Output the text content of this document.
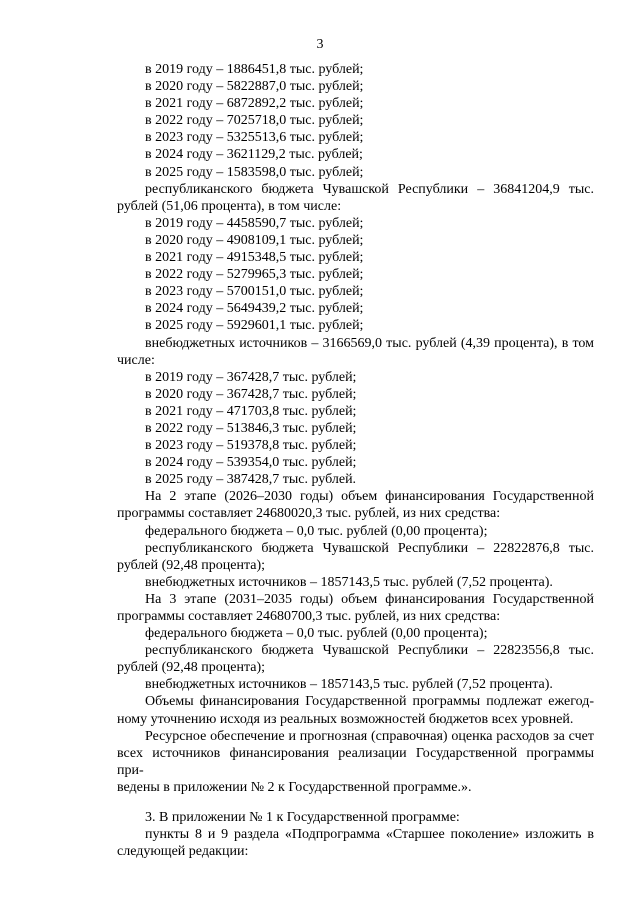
3
в 2019 году – 1886451,8 тыс. рублей;
в 2020 году – 5822887,0 тыс. рублей;
в 2021 году – 6872892,2 тыс. рублей;
в 2022 году – 7025718,0 тыс. рублей;
в 2023 году – 5325513,6 тыс. рублей;
в 2024 году – 3621129,2 тыс. рублей;
в 2025 году – 1583598,0 тыс. рублей;
республиканского бюджета Чувашской Республики – 36841204,9 тыс.
рублей (51,06 процента), в том числе:
в 2019 году – 4458590,7 тыс. рублей;
в 2020 году – 4908109,1 тыс. рублей;
в 2021 году – 4915348,5 тыс. рублей;
в 2022 году – 5279965,3 тыс. рублей;
в 2023 году – 5700151,0 тыс. рублей;
в 2024 году – 5649439,2 тыс. рублей;
в 2025 году – 5929601,1 тыс. рублей;
внебюджетных источников – 3166569,0 тыс. рублей (4,39 процента), в том
числе:
в 2019 году – 367428,7 тыс. рублей;
в 2020 году – 367428,7 тыс. рублей;
в 2021 году – 471703,8 тыс. рублей;
в 2022 году – 513846,3 тыс. рублей;
в 2023 году – 519378,8 тыс. рублей;
в 2024 году – 539354,0 тыс. рублей;
в 2025 году – 387428,7 тыс. рублей.
На 2 этапе (2026–2030 годы) объем финансирования Государственной
программы составляет 24680020,3 тыс. рублей, из них средства:
федерального бюджета – 0,0 тыс. рублей (0,00 процента);
республиканского бюджета Чувашской Республики – 22822876,8 тыс.
рублей (92,48 процента);
внебюджетных источников – 1857143,5 тыс. рублей (7,52 процента).
На 3 этапе (2031–2035 годы) объем финансирования Государственной
программы составляет 24680700,3 тыс. рублей, из них средства:
федерального бюджета – 0,0 тыс. рублей (0,00 процента);
республиканского бюджета Чувашской Республики – 22823556,8 тыс.
рублей (92,48 процента);
внебюджетных источников – 1857143,5 тыс. рублей (7,52 процента).
Объемы финансирования Государственной программы подлежат ежегод-
ному уточнению исходя из реальных возможностей бюджетов всех уровней.
Ресурсное обеспечение и прогнозная (справочная) оценка расходов за счет
всех источников финансирования реализации Государственной программы при-
ведены в приложении № 2 к Государственной программе.».
3. В приложении № 1 к Государственной программе:
пункты 8 и 9 раздела «Подпрограмма «Старшее поколение» изложить в
следующей редакции:
